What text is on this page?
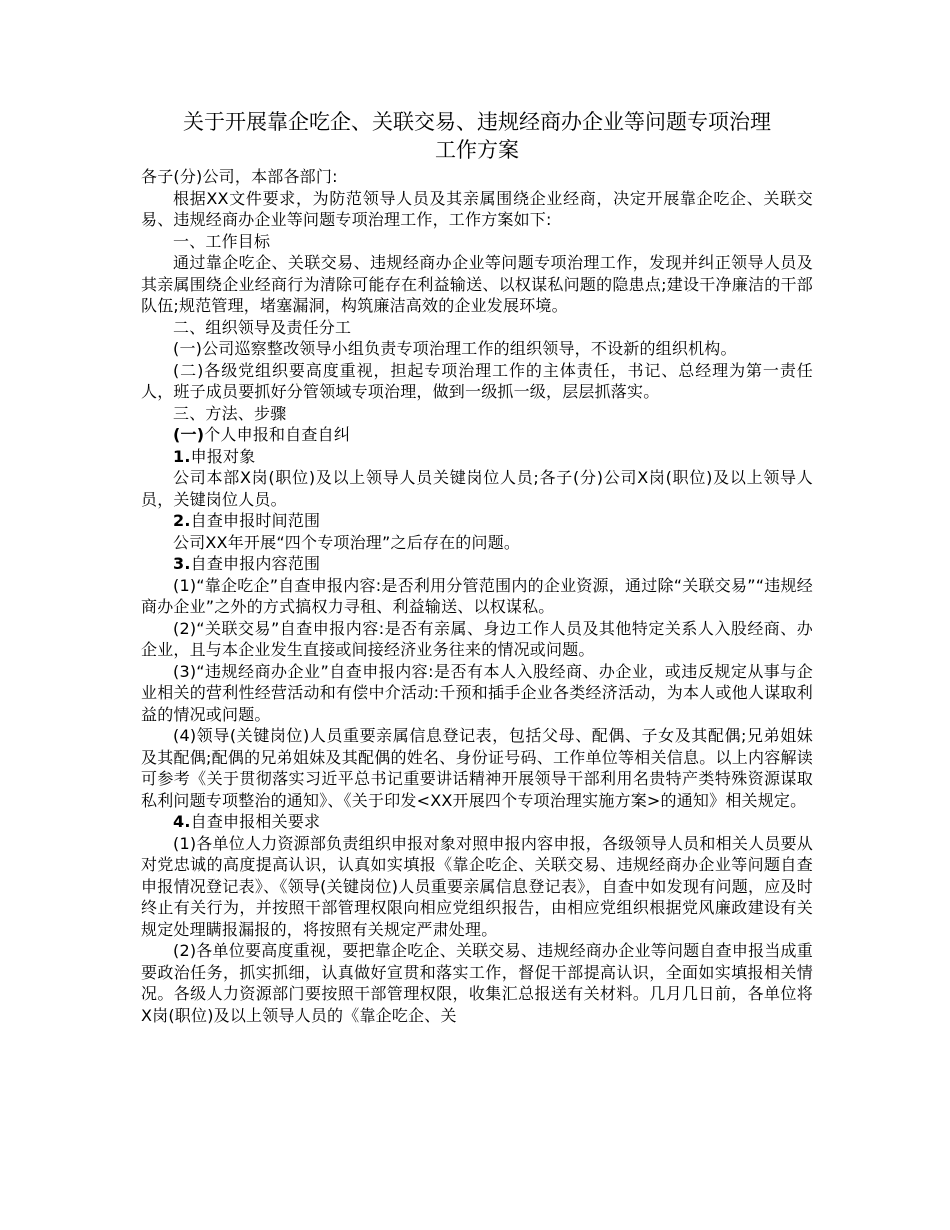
关于开展靠企吃企、关联交易、违规经商办企业等问题专项治理
工作方案

各子(分)公司，本部各部门:

根据XX文件要求，为防范领导人员及其亲属围绕企业经商，决定开展靠企吃企、关联交易、违规经商办企业等问题专项治理工作，工作方案如下:

一、工作目标

通过靠企吃企、关联交易、违规经商办企业等问题专项治理工作，发现并纠正领导人员及其亲属围绕企业经商行为清除可能存在利益输送、以权谋私问题的隐患点;建设干净廉洁的干部队伍;规范管理，堵塞漏洞，构筑廉洁高效的企业发展环境。

二、组织领导及责任分工

(一)公司巡察整改领导小组负责专项治理工作的组织领导，不设新的组织机构。

(二)各级党组织要高度重视，担起专项治理工作的主体责任，书记、总经理为第一责任人，班子成员要抓好分管领域专项治理，做到一级抓一级，层层抓落实。

三、方法、步骤

(一)个人申报和自查自纠

1.申报对象

公司本部X岗(职位)及以上领导人员关键岗位人员;各子(分)公司X岗(职位)及以上领导人员，关键岗位人员。

2.自查申报时间范围

公司XX年开展“四个专项治理”之后存在的问题。

3.自查申报内容范围

(1)“靠企吃企”自查申报内容:是否利用分管范围内的企业资源，通过除“关联交易”“违规经商办企业”之外的方式搞权力寻租、利益输送、以权谋私。

(2)“关联交易”自查申报内容:是否有亲属、身边工作人员及其他特定关系人入股经商、办企业，且与本企业发生直接或间接经济业务往来的情况或问题。

(3)“违规经商办企业”自查申报内容:是否有本人入股经商、办企业，或违反规定从事与企业相关的营利性经营活动和有偿中介活动:千预和插手企业各类经济活动，为本人或他人谋取利益的情况或问题。

(4)领导(关键岗位)人员重要亲属信息登记表，包括父母、配偶、子女及其配偶;兄弟姐妹及其配偶;配偶的兄弟姐妹及其配偶的姓名、身份证号码、工作单位等相关信息。以上内容解读可参考《关于贯彻落实习近平总书记重要讲话精神开展领导干部利用名贵特产类特殊资源谋取私利问题专项整治的通知》、《关于印发<XX开展四个专项治理实施方案>的通知》相关规定。

4.自查申报相关要求

(1)各单位人力资源部负责组织申报对象对照申报内容申报，各级领导人员和相关人员要从对党忠诚的高度提高认识，认真如实填报《靠企吃企、关联交易、违规经商办企业等问题自查申报情况登记表》、《领导(关键岗位)人员重要亲属信息登记表》，自查中如发现有问题，应及时终止有关行为，并按照干部管理权限向相应党组织报告，由相应党组织根据党风廉政建设有关规定处理瞒报漏报的，将按照有关规定严肃处理。

(2)各单位要高度重视，要把靠企吃企、关联交易、违规经商办企业等问题自查申报当成重要政治任务，抓实抓细，认真做好宣贯和落实工作，督促干部提高认识，全面如实填报相关情况。各级人力资源部门要按照干部管理权限，收集汇总报送有关材料。几月几日前，各单位将X岗(职位)及以上领导人员的《靠企吃企、关
